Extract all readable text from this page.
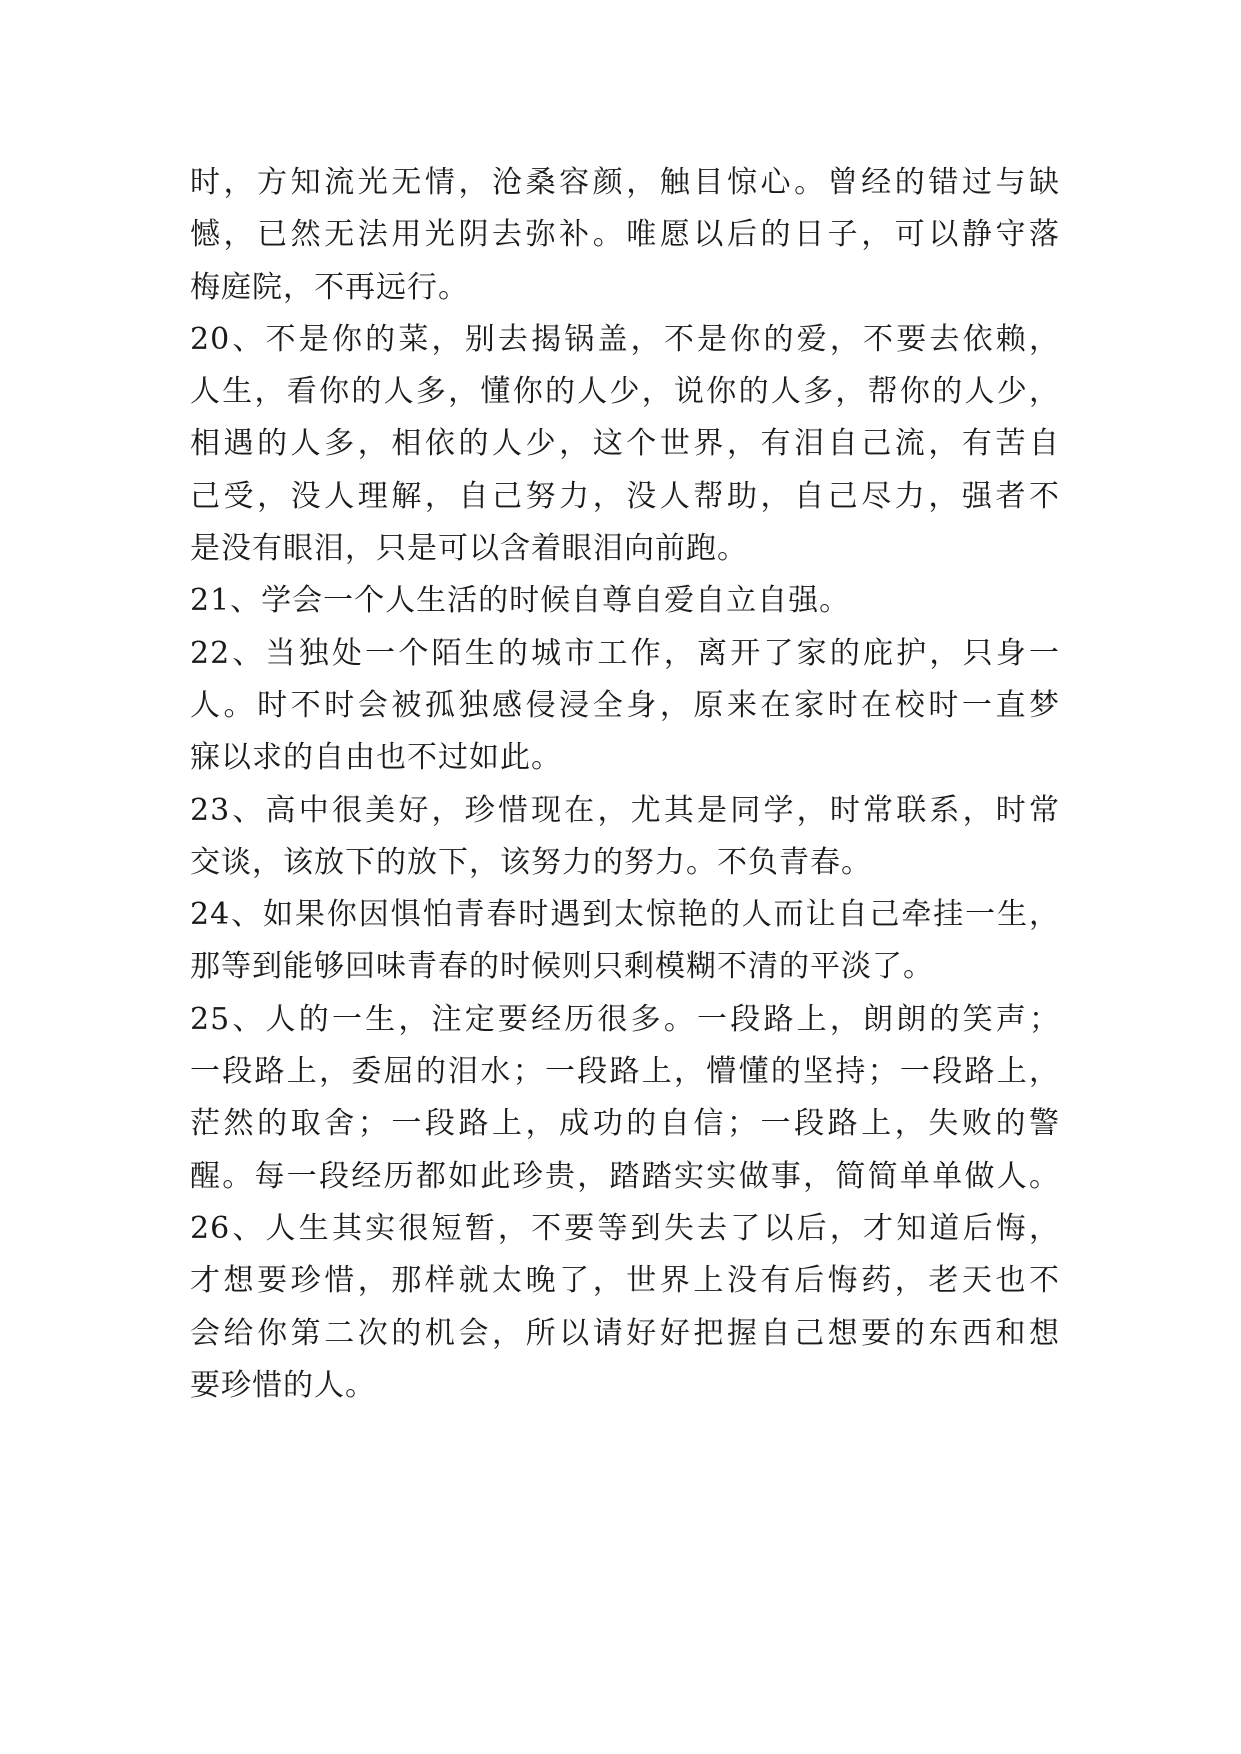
时，方知流光无情，沧桑容颜，触目惊心。曾经的错过与缺
憾，已然无法用光阴去弥补。唯愿以后的日子，可以静守落
梅庭院，不再远行。
20、不是你的菜，别去揭锅盖，不是你的爱，不要去依赖，
人生，看你的人多，懂你的人少，说你的人多，帮你的人少，
相遇的人多，相依的人少，这个世界，有泪自己流，有苦自
己受，没人理解，自己努力，没人帮助，自己尽力，强者不
是没有眼泪，只是可以含着眼泪向前跑。
21、学会一个人生活的时候自尊自爱自立自强。
22、当独处一个陌生的城市工作，离开了家的庇护，只身一
人。时不时会被孤独感侵浸全身，原来在家时在校时一直梦
寐以求的自由也不过如此。
23、高中很美好，珍惜现在，尤其是同学，时常联系，时常
交谈，该放下的放下，该努力的努力。不负青春。
24、如果你因惧怕青春时遇到太惊艳的人而让自己牵挂一生，
那等到能够回味青春的时候则只剩模糊不清的平淡了。
25、人的一生，注定要经历很多。一段路上，朗朗的笑声；
一段路上，委屈的泪水；一段路上，懵懂的坚持；一段路上，
茫然的取舍；一段路上，成功的自信；一段路上，失败的警
醒。每一段经历都如此珍贵，踏踏实实做事，简简单单做人。
26、人生其实很短暂，不要等到失去了以后，才知道后悔，
才想要珍惜，那样就太晚了，世界上没有后悔药，老天也不
会给你第二次的机会，所以请好好把握自己想要的东西和想
要珍惜的人。
